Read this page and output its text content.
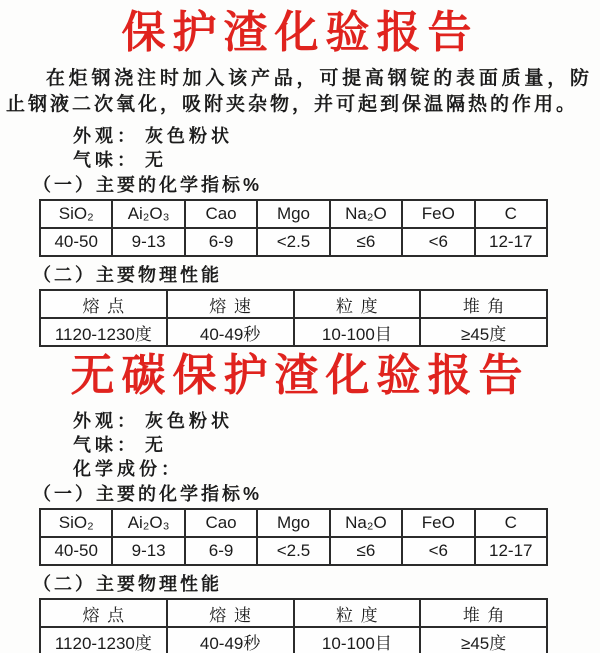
保护渣化验报告

在炬钢浇注时加入该产品，可提高钢锭的表面质量，防止钢液二次氧化，吸附夹杂物，并可起到保温隔热的作用。

外观： 灰色粉状
气味： 无
（一）主要的化学指标%
SiO₂	Ai₂O₃	Cao	Mgo	Na₂O	FeO	C
40-50	9-13	6-9	<2.5	≤6	<6	12-17
（二）主要物理性能
熔点	熔速	粒度	堆角
1120-1230度	40-49秒	10-100目	≥45度
无碳保护渣化验报告
外观： 灰色粉状
气味： 无
化学成份：
（一）主要的化学指标%
SiO₂	Ai₂O₃	Cao	Mgo	Na₂O	FeO	C
40-50	9-13	6-9	<2.5	≤6	<6	12-17
（二）主要物理性能
熔点	熔速	粒度	堆角
1120-1230度	40-49秒	10-100目	≥45度
